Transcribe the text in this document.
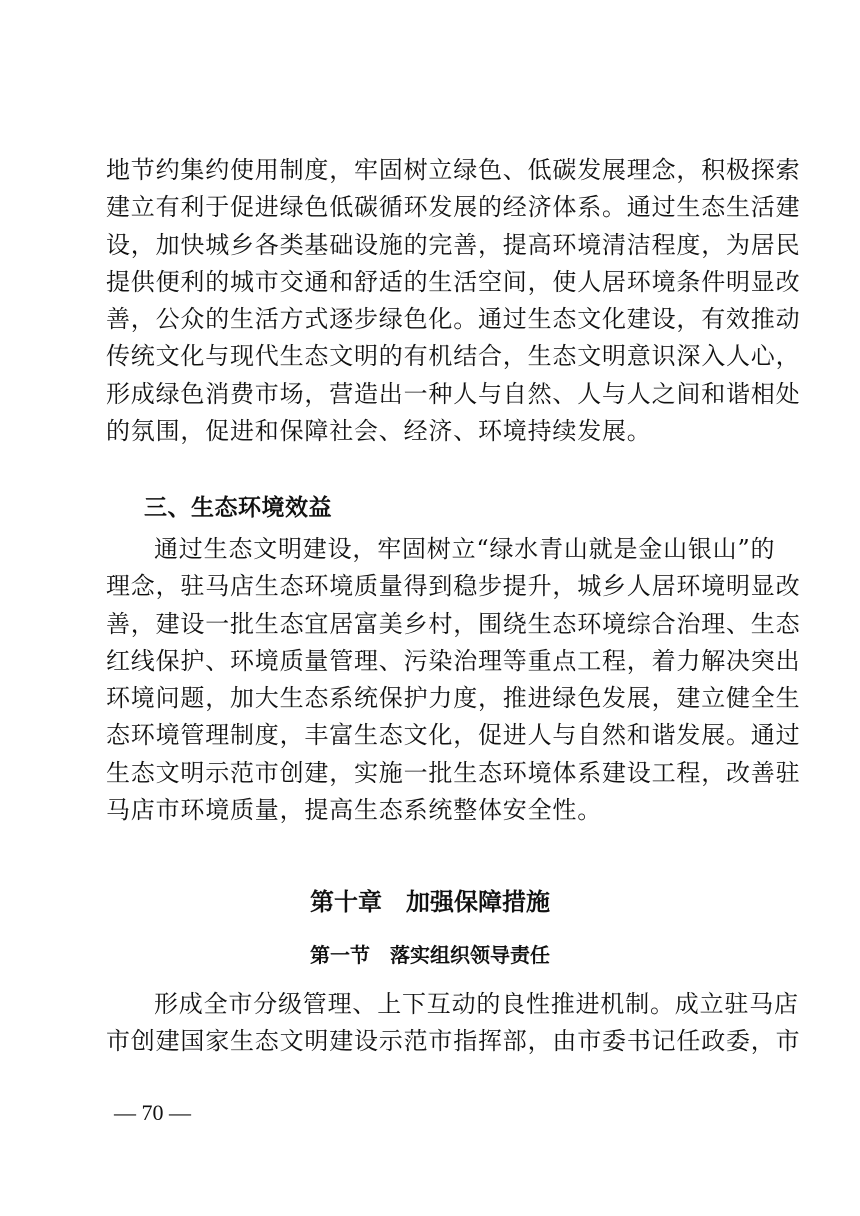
地节约集约使用制度，牢固树立绿色、低碳发展理念，积极探索
建立有利于促进绿色低碳循环发展的经济体系。通过生态生活建
设，加快城乡各类基础设施的完善，提高环境清洁程度，为居民
提供便利的城市交通和舒适的生活空间，使人居环境条件明显改
善，公众的生活方式逐步绿色化。通过生态文化建设，有效推动
传统文化与现代生态文明的有机结合，生态文明意识深入人心，
形成绿色消费市场，营造出一种人与自然、人与人之间和谐相处
的氛围，促进和保障社会、经济、环境持续发展。
三、生态环境效益
通过生态文明建设，牢固树立“绿水青山就是金山银山”的
理念，驻马店生态环境质量得到稳步提升，城乡人居环境明显改
善，建设一批生态宜居富美乡村，围绕生态环境综合治理、生态
红线保护、环境质量管理、污染治理等重点工程，着力解决突出
环境问题，加大生态系统保护力度，推进绿色发展，建立健全生
态环境管理制度，丰富生态文化，促进人与自然和谐发展。通过
生态文明示范市创建，实施一批生态环境体系建设工程，改善驻
马店市环境质量，提高生态系统整体安全性。
第十章　加强保障措施
第一节　落实组织领导责任
形成全市分级管理、上下互动的良性推进机制。成立驻马店
市创建国家生态文明建设示范市指挥部，由市委书记任政委，市
— 70 —
